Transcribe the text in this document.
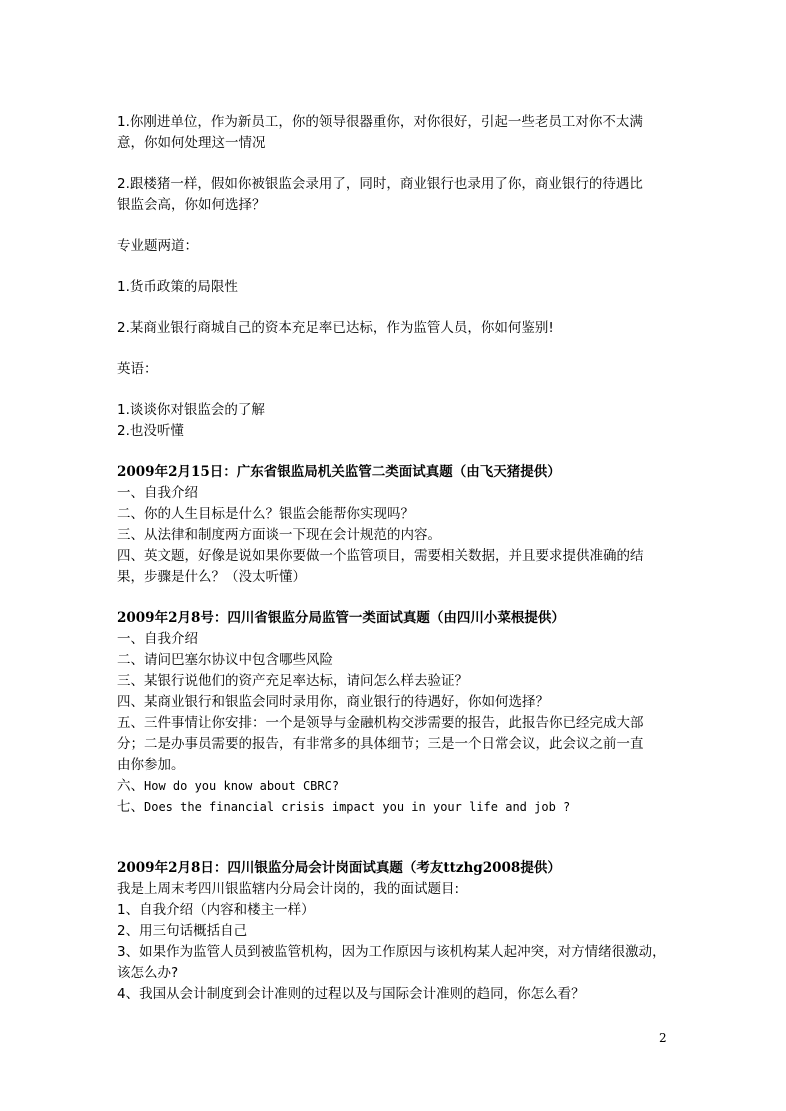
1.你刚进单位，作为新员工，你的领导很器重你，对你很好，引起一些老员工对你不太满
意，你如何处理这一情况
2.跟楼猪一样，假如你被银监会录用了，同时，商业银行也录用了你，商业银行的待遇比
银监会高，你如何选择？
专业题两道：
1.货币政策的局限性
2.某商业银行商城自己的资本充足率已达标，作为监管人员，你如何鉴别!
英语：
1.谈谈你对银监会的了解
2.也没听懂
2009年2月15日：广东省银监局机关监管二类面试真题（由飞天猪提供）
一、自我介绍
二、你的人生目标是什么？银监会能帮你实现吗？
三、从法律和制度两方面谈一下现在会计规范的内容。
四、英文题，好像是说如果你要做一个监管项目，需要相关数据，并且要求提供准确的结
果，步骤是什么？（没太听懂）
2009年2月8号：四川省银监分局监管一类面试真题（由四川小菜根提供）
一、自我介绍
二、请问巴塞尔协议中包含哪些风险
三、某银行说他们的资产充足率达标，请问怎么样去验证？
四、某商业银行和银监会同时录用你，商业银行的待遇好，你如何选择？
五、三件事情让你安排：一个是领导与金融机构交涉需要的报告，此报告你已经完成大部
分；二是办事员需要的报告，有非常多的具体细节；三是一个日常会议，此会议之前一直
由你参加。
六、How do you know about CBRC?
七、Does the financial crisis impact you in your life and job ?
2009年2月8日：四川银监分局会计岗面试真题（考友ttzhg2008提供）
我是上周末考四川银监辖内分局会计岗的，我的面试题目:
1、自我介绍（内容和楼主一样）
2、用三句话概括自己
3、如果作为监管人员到被监管机构，因为工作原因与该机构某人起冲突，对方情绪很激动，
该怎么办?
4、我国从会计制度到会计准则的过程以及与国际会计准则的趋同，你怎么看？
2
